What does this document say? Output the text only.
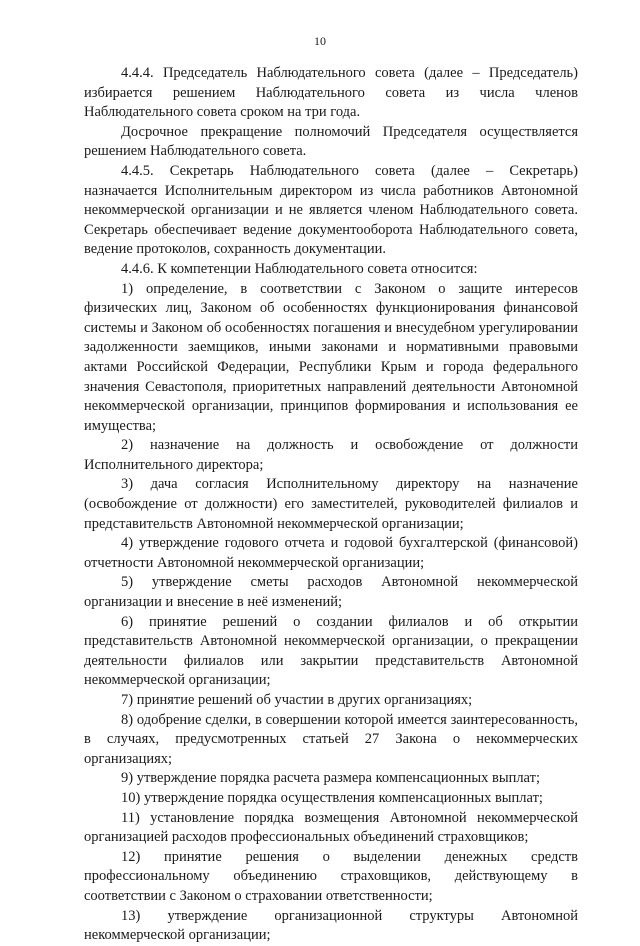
10

4.4.4. Председатель Наблюдательного совета (далее – Председатель) избирается решением Наблюдательного совета из числа членов Наблюдательного совета сроком на три года.

Досрочное прекращение полномочий Председателя осуществляется решением Наблюдательного совета.

4.4.5. Секретарь Наблюдательного совета (далее – Секретарь) назначается Исполнительным директором из числа работников Автономной некоммерческой организации и не является членом Наблюдательного совета. Секретарь обеспечивает ведение документооборота Наблюдательного совета, ведение протоколов, сохранность документации.

4.4.6. К компетенции Наблюдательного совета относится:

1) определение, в соответствии с Законом о защите интересов физических лиц, Законом об особенностях функционирования финансовой системы и Законом об особенностях погашения и внесудебном урегулировании задолженности заемщиков, иными законами и нормативными правовыми актами Российской Федерации, Республики Крым и города федерального значения Севастополя, приоритетных направлений деятельности Автономной некоммерческой организации, принципов формирования и использования ее имущества;

2) назначение на должность и освобождение от должности Исполнительного директора;

3) дача согласия Исполнительному директору на назначение (освобождение от должности) его заместителей, руководителей филиалов и представительств Автономной некоммерческой организации;

4) утверждение годового отчета и годовой бухгалтерской (финансовой) отчетности Автономной некоммерческой организации;

5) утверждение сметы расходов Автономной некоммерческой организации и внесение в неё изменений;

6) принятие решений о создании филиалов и об открытии представительств Автономной некоммерческой организации, о прекращении деятельности филиалов или закрытии представительств Автономной некоммерческой организации;

7) принятие решений об участии в других организациях;

8) одобрение сделки, в совершении которой имеется заинтересованность, в случаях, предусмотренных статьей 27 Закона о некоммерческих организациях;

9) утверждение порядка расчета размера компенсационных выплат;

10) утверждение порядка осуществления компенсационных выплат;

11) установление порядка возмещения Автономной некоммерческой организацией расходов профессиональных объединений страховщиков;

12) принятие решения о выделении денежных средств профессиональному объединению страховщиков, действующему в соответствии с Законом о страховании ответственности;

13) утверждение организационной структуры Автономной некоммерческой организации;
